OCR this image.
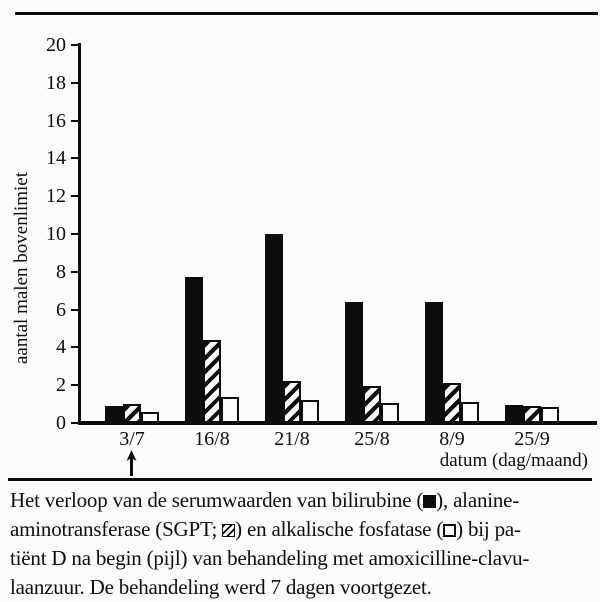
aantal malen bovenlimiet
0
2
4
6
8
10
12
14
16
18
20
3/7	16/8	21/8	25/8	8/9	25/9
datum (dag/maand)
Het verloop van de serumwaarden van bilirubine ( ), alanine-
aminotransferase (SGPT; ) en alkalische fosfatase ( ) bij pa-
tiënt D na begin (pijl) van behandeling met amoxicilline-clavu-
laanzuur. De behandeling werd 7 dagen voortgezet.
